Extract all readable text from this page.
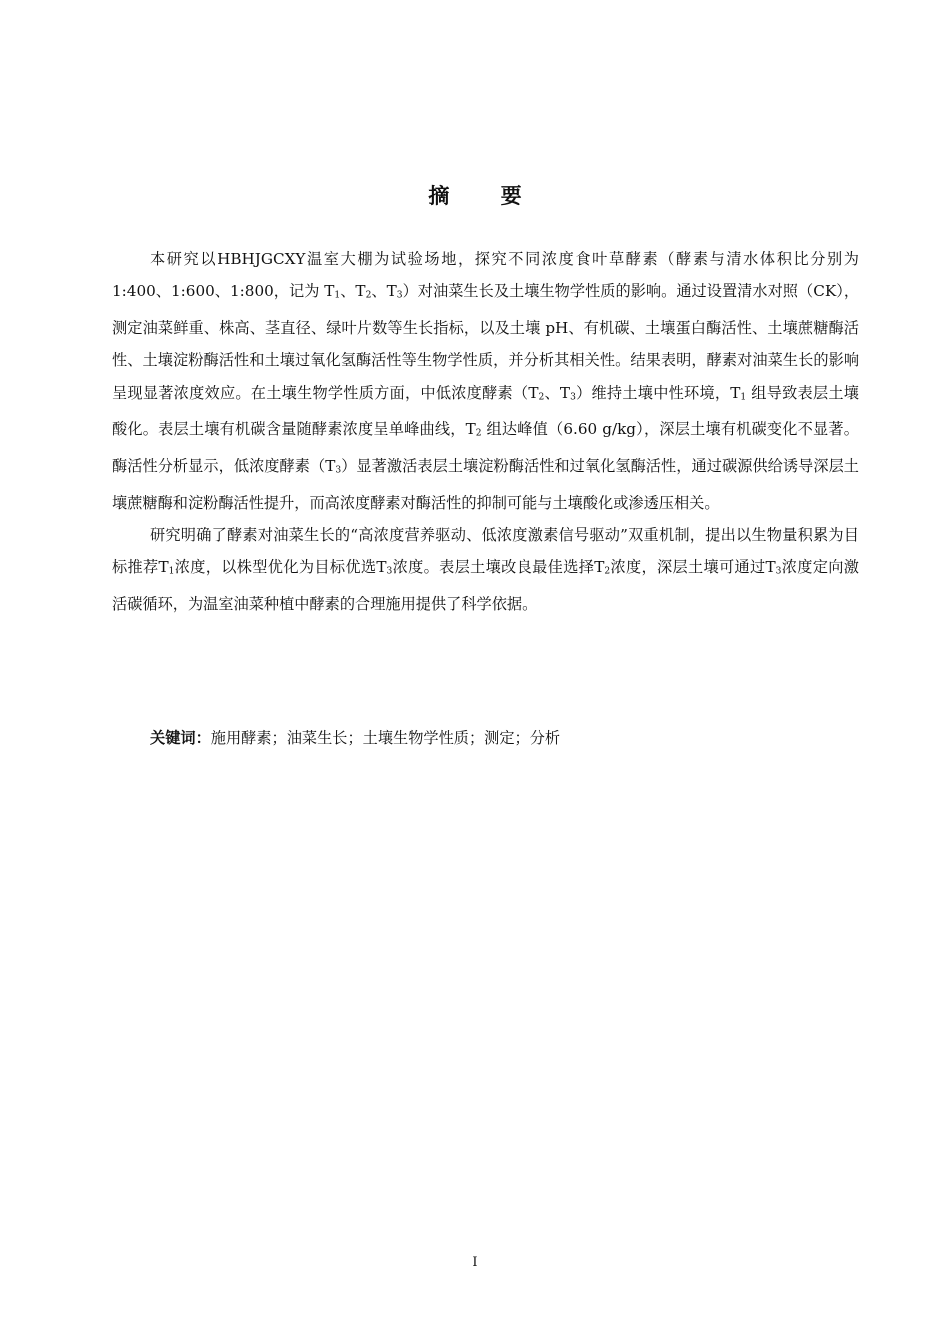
摘 要

本研究以HBHJGCXY温室大棚为试验场地，探究不同浓度食叶草酵素（酵素与清水体积比分别为1:400、1:600、1:800，记为 T1、T2、T3）对油菜生长及土壤生物学性质的影响。通过设置清水对照（CK），测定油菜鲜重、株高、茎直径、绿叶片数等生长指标，以及土壤 pH、有机碳、土壤蛋白酶活性、土壤蔗糖酶活性、土壤淀粉酶活性和土壤过氧化氢酶活性等生物学性质，并分析其相关性。结果表明，酵素对油菜生长的影响呈现显著浓度效应。在土壤生物学性质方面，中低浓度酵素（T2、T3）维持土壤中性环境，T1 组导致表层土壤酸化。表层土壤有机碳含量随酵素浓度呈单峰曲线，T2 组达峰值（6.60 g/kg），深层土壤有机碳变化不显著。酶活性分析显示，低浓度酵素（T3）显著激活表层土壤淀粉酶活性和过氧化氢酶活性，通过碳源供给诱导深层土壤蔗糖酶和淀粉酶活性提升，而高浓度酵素对酶活性的抑制可能与土壤酸化或渗透压相关。

研究明确了酵素对油菜生长的“高浓度营养驱动、低浓度激素信号驱动”双重机制，提出以生物量积累为目标推荐T1浓度，以株型优化为目标优选T3浓度。表层土壤改良最佳选择T2浓度，深层土壤可通过T3浓度定向激活碳循环，为温室油菜种植中酵素的合理施用提供了科学依据。

关键词：施用酵素；油菜生长；土壤生物学性质；测定；分析
I
